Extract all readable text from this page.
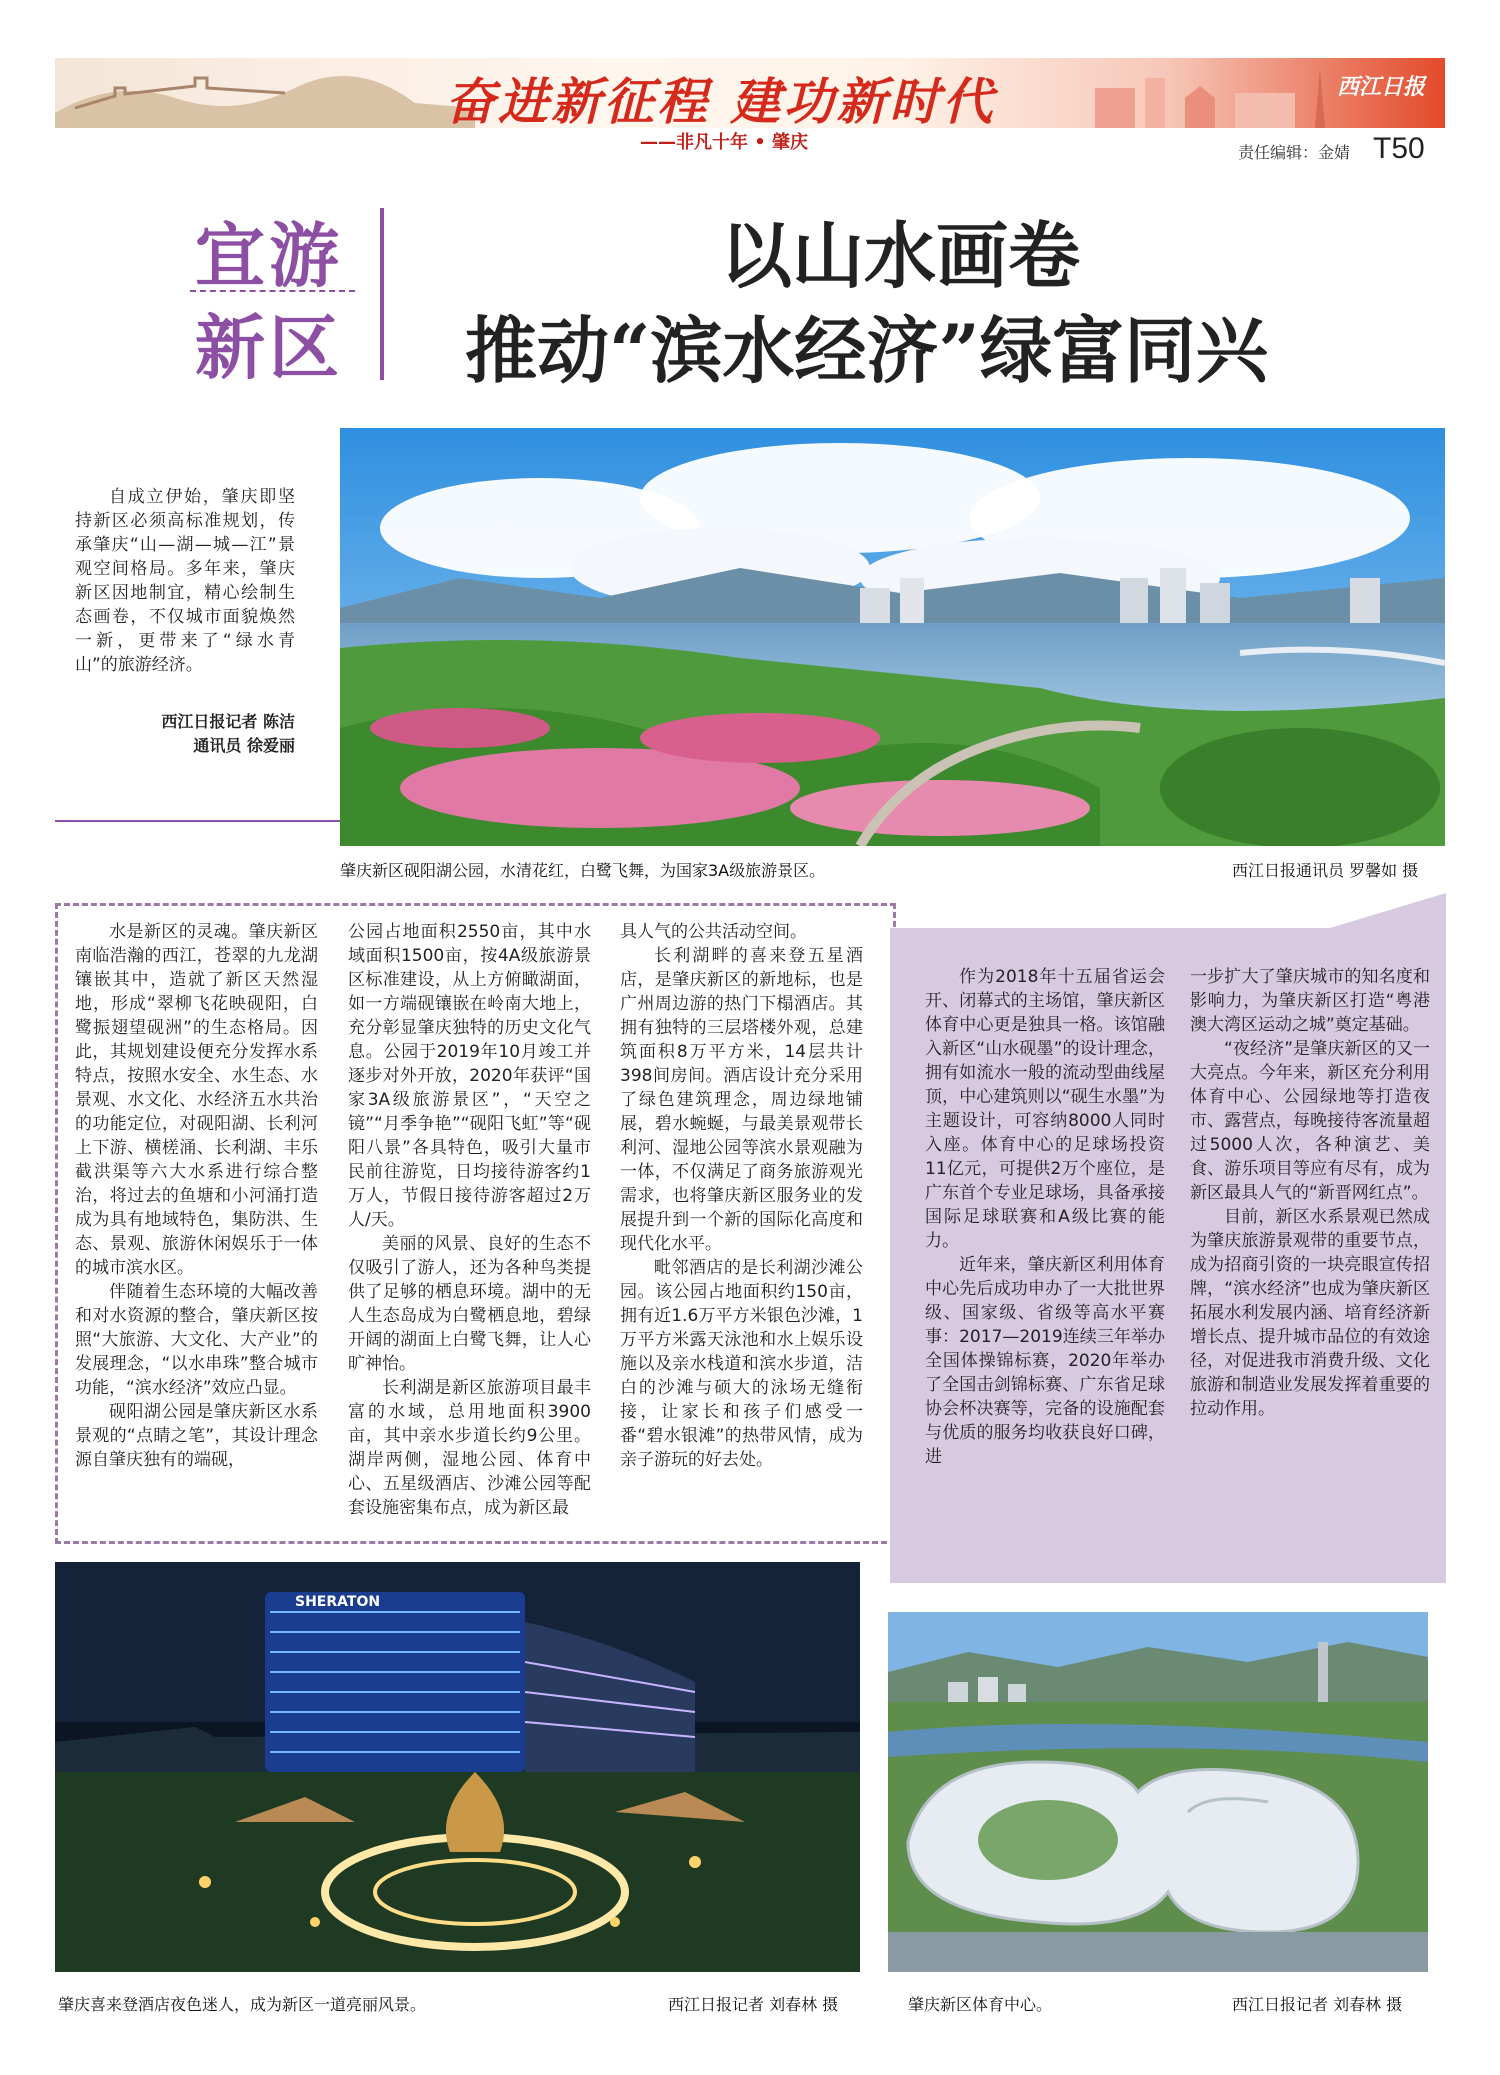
奋进新征程 建功新时代
——非凡十年 • 肇庆
西江日报
责任编辑：金婧 T50
宜游
新区
以山水画卷
推动“滨水经济”绿富同兴

自成立伊始，肇庆即坚持新区必须高标准规划，传承肇庆“山—湖—城—江”景观空间格局。多年来，肇庆新区因地制宜，精心绘制生态画卷，不仅城市面貌焕然一新，更带来了“绿水青山”的旅游经济。

西江日报记者 陈洁
通讯员 徐爱丽
肇庆新区砚阳湖公园，水清花红，白鹭飞舞，为国家3A级旅游景区。	西江日报通讯员 罗馨如 摄

水是新区的灵魂。肇庆新区南临浩瀚的西江，苍翠的九龙湖镶嵌其中，造就了新区天然湿地，形成“翠柳飞花映砚阳，白鹭振翅望砚洲”的生态格局。因此，其规划建设便充分发挥水系特点，按照水安全、水生态、水景观、水文化、水经济五水共治的功能定位，对砚阳湖、长利河上下游、横槎涌、长利湖、丰乐截洪渠等六大水系进行综合整治，将过去的鱼塘和小河涌打造成为具有地域特色，集防洪、生态、景观、旅游休闲娱乐于一体的城市滨水区。

伴随着生态环境的大幅改善和对水资源的整合，肇庆新区按照“大旅游、大文化、大产业”的发展理念，“以水串珠”整合城市功能，“滨水经济”效应凸显。

砚阳湖公园是肇庆新区水系景观的“点睛之笔”，其设计理念源自肇庆独有的端砚，

公园占地面积2550亩，其中水域面积1500亩，按4A级旅游景区标准建设，从上方俯瞰湖面，如一方端砚镶嵌在岭南大地上，充分彰显肇庆独特的历史文化气息。公园于2019年10月竣工并逐步对外开放，2020年获评“国家3A级旅游景区”，“天空之镜”“月季争艳”“砚阳飞虹”等“砚阳八景”各具特色，吸引大量市民前往游览，日均接待游客约1万人，节假日接待游客超过2万人/天。

美丽的风景、良好的生态不仅吸引了游人，还为各种鸟类提供了足够的栖息环境。湖中的无人生态岛成为白鹭栖息地，碧绿开阔的湖面上白鹭飞舞，让人心旷神怡。

长利湖是新区旅游项目最丰富的水域，总用地面积3900亩，其中亲水步道长约9公里。湖岸两侧，湿地公园、体育中心、五星级酒店、沙滩公园等配套设施密集布点，成为新区最

具人气的公共活动空间。

长利湖畔的喜来登五星酒店，是肇庆新区的新地标，也是广州周边游的热门下榻酒店。其拥有独特的三层塔楼外观，总建筑面积8万平方米，14层共计398间房间。酒店设计充分采用了绿色建筑理念，周边绿地铺展，碧水蜿蜒，与最美景观带长利河、湿地公园等滨水景观融为一体，不仅满足了商务旅游观光需求，也将肇庆新区服务业的发展提升到一个新的国际化高度和现代化水平。

毗邻酒店的是长利湖沙滩公园。该公园占地面积约150亩，拥有近1.6万平方米银色沙滩，1万平方米露天泳池和水上娱乐设施以及亲水栈道和滨水步道，洁白的沙滩与硕大的泳场无缝衔接，让家长和孩子们感受一番“碧水银滩”的热带风情，成为亲子游玩的好去处。

作为2018年十五届省运会开、闭幕式的主场馆，肇庆新区体育中心更是独具一格。该馆融入新区“山水砚墨”的设计理念，拥有如流水一般的流动型曲线屋顶，中心建筑则以“砚生水墨”为主题设计，可容纳8000人同时入座。体育中心的足球场投资11亿元，可提供2万个座位，是广东首个专业足球场，具备承接国际足球联赛和A级比赛的能力。

近年来，肇庆新区利用体育中心先后成功申办了一大批世界级、国家级、省级等高水平赛事：2017—2019连续三年举办全国体操锦标赛，2020年举办了全国击剑锦标赛、广东省足球协会杯决赛等，完备的设施配套与优质的服务均收获良好口碑，进

一步扩大了肇庆城市的知名度和影响力，为肇庆新区打造“粤港澳大湾区运动之城”奠定基础。

“夜经济”是肇庆新区的又一大亮点。今年来，新区充分利用体育中心、公园绿地等打造夜市、露营点，每晚接待客流量超过5000人次，各种演艺、美食、游乐项目等应有尽有，成为新区最具人气的“新晋网红点”。

目前，新区水系景观已然成为肇庆旅游景观带的重要节点，成为招商引资的一块亮眼宣传招牌，“滨水经济”也成为肇庆新区拓展水利发展内涵、培育经济新增长点、提升城市品位的有效途径，对促进我市消费升级、文化旅游和制造业发展发挥着重要的拉动作用。

SHERATON
肇庆喜来登酒店夜色迷人，成为新区一道亮丽风景。	西江日报记者 刘春林 摄	肇庆新区体育中心。	西江日报记者 刘春林 摄
